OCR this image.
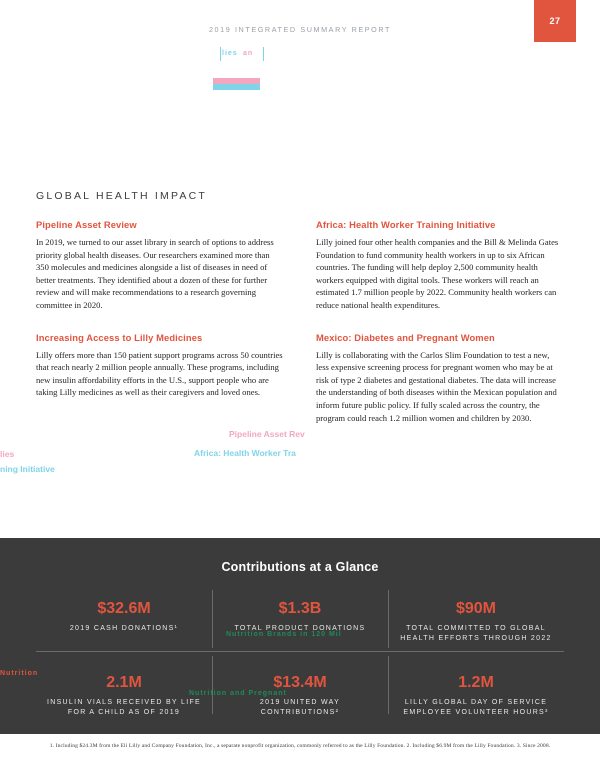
2019 INTEGRATED SUMMARY REPORT
27
lies an
GLOBAL HEALTH IMPACT
Pipeline Asset Review

In 2019, we turned to our asset library in search of options to address priority global health diseases. Our researchers examined more than 350 molecules and medicines alongside a list of diseases in need of better treatments. They identified about a dozen of these for further review and will make recommendations to a research governing committee in 2020.

Increasing Access to Lilly Medicines

Lilly offers more than 150 patient support programs across 50 countries that reach nearly 2 million people annually. These programs, including new insulin affordability efforts in the U.S., support people who are taking Lilly medicines as well as their caregivers and loved ones.

Africa: Health Worker Training Initiative

Lilly joined four other health companies and the Bill & Melinda Gates Foundation to fund community health workers in up to six African countries. The funding will help deploy 2,500 community health workers equipped with digital tools. These workers will reach an estimated 1.7 million people by 2022. Community health workers can reduce national health expenditures.

Mexico: Diabetes and Pregnant Women

Lilly is collaborating with the Carlos Slim Foundation to test a new, less expensive screening process for pregnant women who may be at risk of type 2 diabetes and gestational diabetes. The data will increase the understanding of both diseases within the Mexican population and inform future public policy. If fully scaled across the country, the program could reach 1.2 million women and children by 2030.

Pipeline Asset Rev
Africa: Health Worker Tra
ning Initiative
lies
Contributions at a Glance
$32.6M
2019 CASH DONATIONS¹
$1.3B
TOTAL PRODUCT DONATIONS
$90M
TOTAL COMMITTED TO GLOBAL HEALTH EFFORTS THROUGH 2022
2.1M
INSULIN VIALS RECEIVED BY LIFE FOR A CHILD AS OF 2019
$13.4M
2019 UNITED WAY CONTRIBUTIONS²
1.2M
LILLY GLOBAL DAY OF SERVICE EMPLOYEE VOLUNTEER HOURS³
Nutrition Brands in 120 Mil
Nutrition
Nutrition and Pregnant
1. Including $24.3M from the Eli Lilly and Company Foundation, Inc., a separate nonprofit organization, commonly referred to as the Lilly Foundation. 2. Including $6.9M from the Lilly Foundation. 3. Since 2008.
